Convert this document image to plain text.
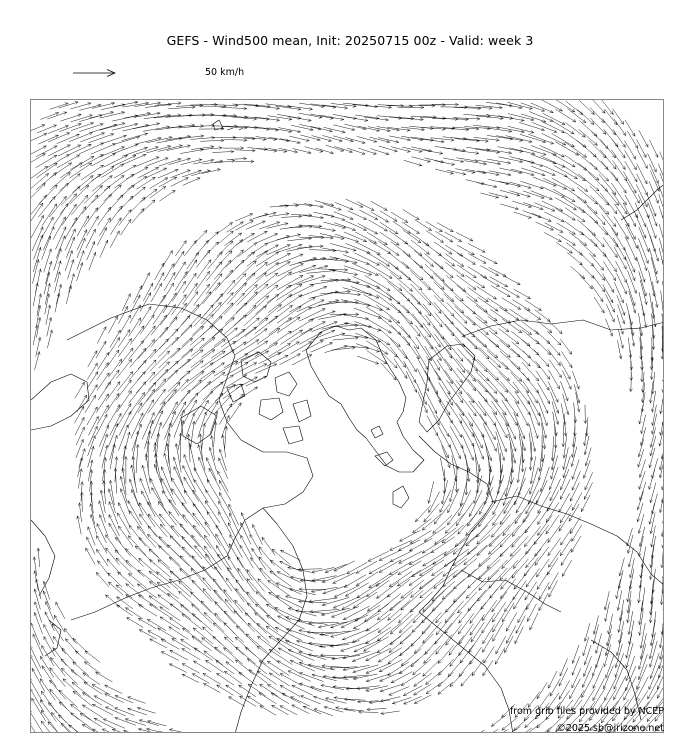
GEFS - Wind500 mean, Init: 20250715 00z - Valid: week 3
50 km/h
from grib files provided by NCEP
©2025 sb@irizone.net
